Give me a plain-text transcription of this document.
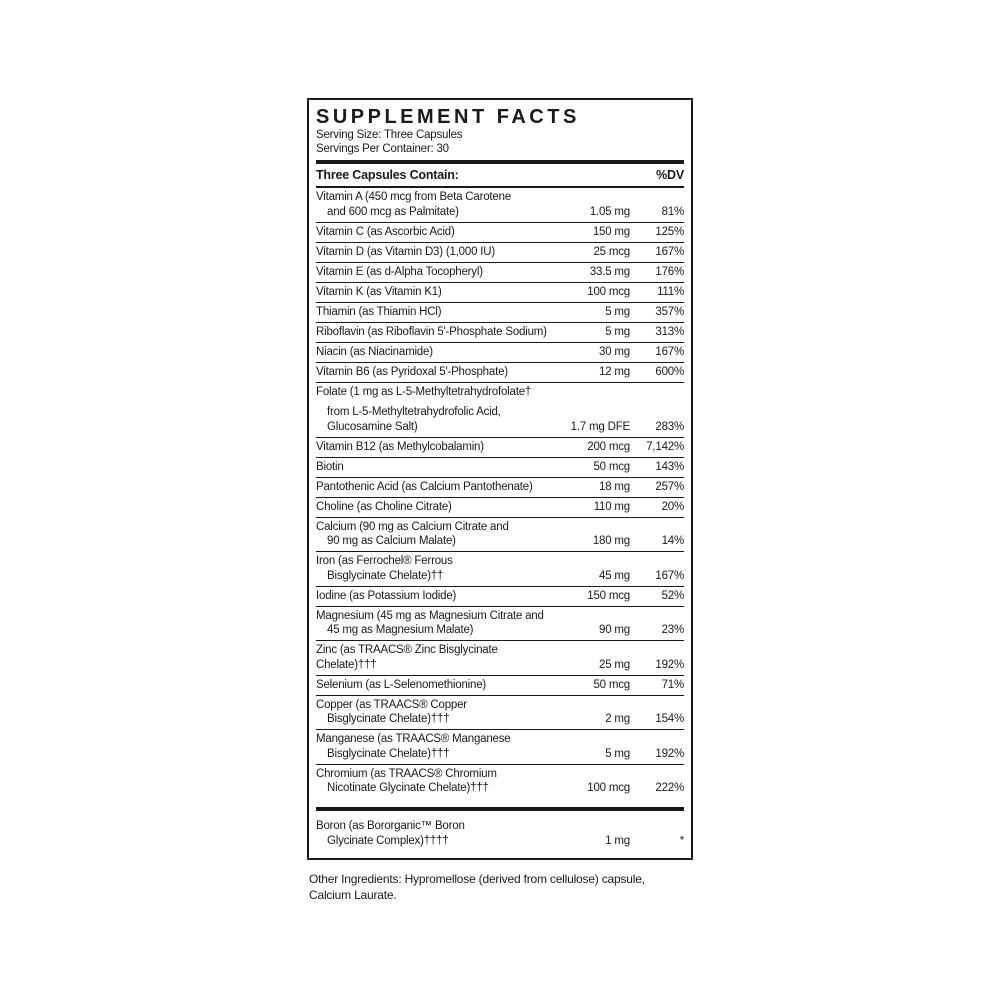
SUPPLEMENT FACTS
Serving Size: Three Capsules
Servings Per Container: 30
Three Capsules Contain:	%DV
Vitamin A (450 mcg from Beta Carotene
and 600 mcg as Palmitate)	1.05 mg	81%
Vitamin C (as Ascorbic Acid)	150 mg	125%
Vitamin D (as Vitamin D3) (1,000 IU)	25 mcg	167%
Vitamin E (as d-Alpha Tocopheryl)	33.5 mg	176%
Vitamin K (as Vitamin K1)	100 mcg	111%
Thiamin (as Thiamin HCl)	5 mg	357%
Riboflavin (as Riboflavin 5'-Phosphate Sodium)	5 mg	313%
Niacin (as Niacinamide)	30 mg	167%
Vitamin B6 (as Pyridoxal 5'-Phosphate)	12 mg	600%
Folate (1 mg as L-5-Methyltetrahydrofolate†
from L-5-Methyltetrahydrofolic Acid,
Glucosamine Salt)	1.7 mg DFE	283%
Vitamin B12 (as Methylcobalamin)	200 mcg	7,142%
Biotin	50 mcg	143%
Pantothenic Acid (as Calcium Pantothenate)	18 mg	257%
Choline (as Choline Citrate)	110 mg	20%
Calcium (90 mg as Calcium Citrate and
90 mg as Calcium Malate)	180 mg	14%
Iron (as Ferrochel® Ferrous
Bisglycinate Chelate)††	45 mg	167%
Iodine (as Potassium Iodide)	150 mcg	52%
Magnesium (45 mg as Magnesium Citrate and
45 mg as Magnesium Malate)	90 mg	23%
Zinc (as TRAACS® Zinc Bisglycinate Chelate)†††	25 mg	192%
Selenium (as L-Selenomethionine)	50 mcg	71%
Copper (as TRAACS® Copper
Bisglycinate Chelate)†††	2 mg	154%
Manganese (as TRAACS® Manganese
Bisglycinate Chelate)†††	5 mg	192%
Chromium (as TRAACS® Chromium
Nicotinate Glycinate Chelate)†††	100 mcg	222%
Boron (as Bororganic™ Boron
Glycinate Complex)††††	1 mg	*
Other Ingredients: Hypromellose (derived from cellulose) capsule, Calcium Laurate.
